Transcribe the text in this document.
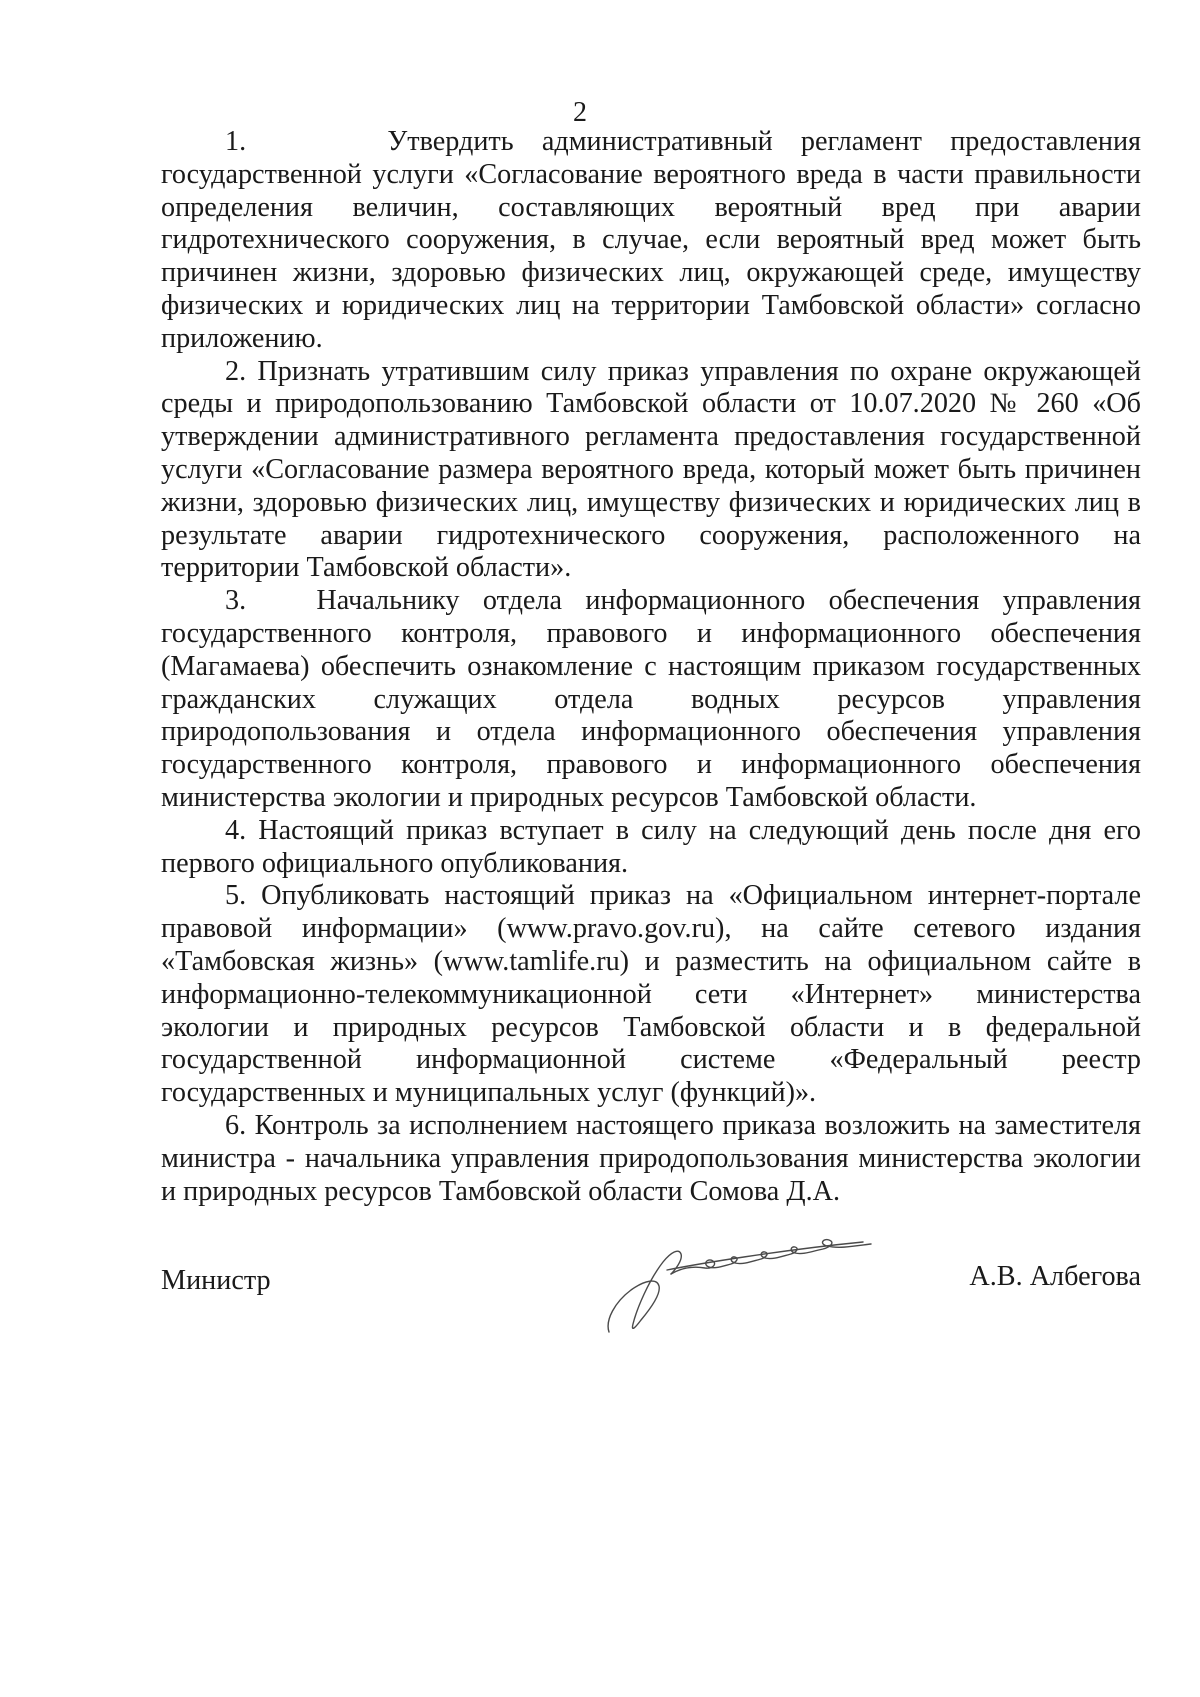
2

1.     Утвердить административный регламент предоставления государственной услуги «Согласование вероятного вреда в части правильности определения величин, составляющих вероятный вред при аварии гидротехнического сооружения, в случае, если вероятный вред может быть причинен жизни, здоровью физических лиц, окружающей среде, имуществу физических и юридических лиц на территории Тамбовской области» согласно приложению.

2. Признать утратившим силу приказ управления по охране окружающей среды и природопользованию Тамбовской области от 10.07.2020 № 260 «Об утверждении административного регламента предоставления государственной услуги «Согласование размера вероятного вреда, который может быть причинен жизни, здоровью физических лиц, имуществу физических и юридических лиц в результате аварии гидротехнического сооружения, расположенного на территории Тамбовской области».

3.   Начальнику отдела информационного обеспечения управления государственного контроля, правового и информационного обеспечения (Магамаева) обеспечить ознакомление с настоящим приказом государственных гражданских служащих отдела водных ресурсов управления природопользования и отдела информационного обеспечения управления государственного контроля, правового и информационного обеспечения министерства экологии и природных ресурсов Тамбовской области.

4. Настоящий приказ вступает в силу на следующий день после дня его первого официального опубликования.

5. Опубликовать настоящий приказ на «Официальном интернет-портале правовой информации» (www.pravo.gov.ru), на сайте сетевого издания «Тамбовская жизнь» (www.tamlife.ru) и разместить на официальном сайте в информационно-телекоммуникационной сети «Интернет» министерства экологии и природных ресурсов Тамбовской области и в федеральной государственной информационной системе «Федеральный реестр государственных и муниципальных услуг (функций)».

6. Контроль за исполнением настоящего приказа возложить на заместителя министра - начальника управления природопользования министерства экологии и природных ресурсов Тамбовской области Сомова Д.А.

Министр	А.В. Албегова
